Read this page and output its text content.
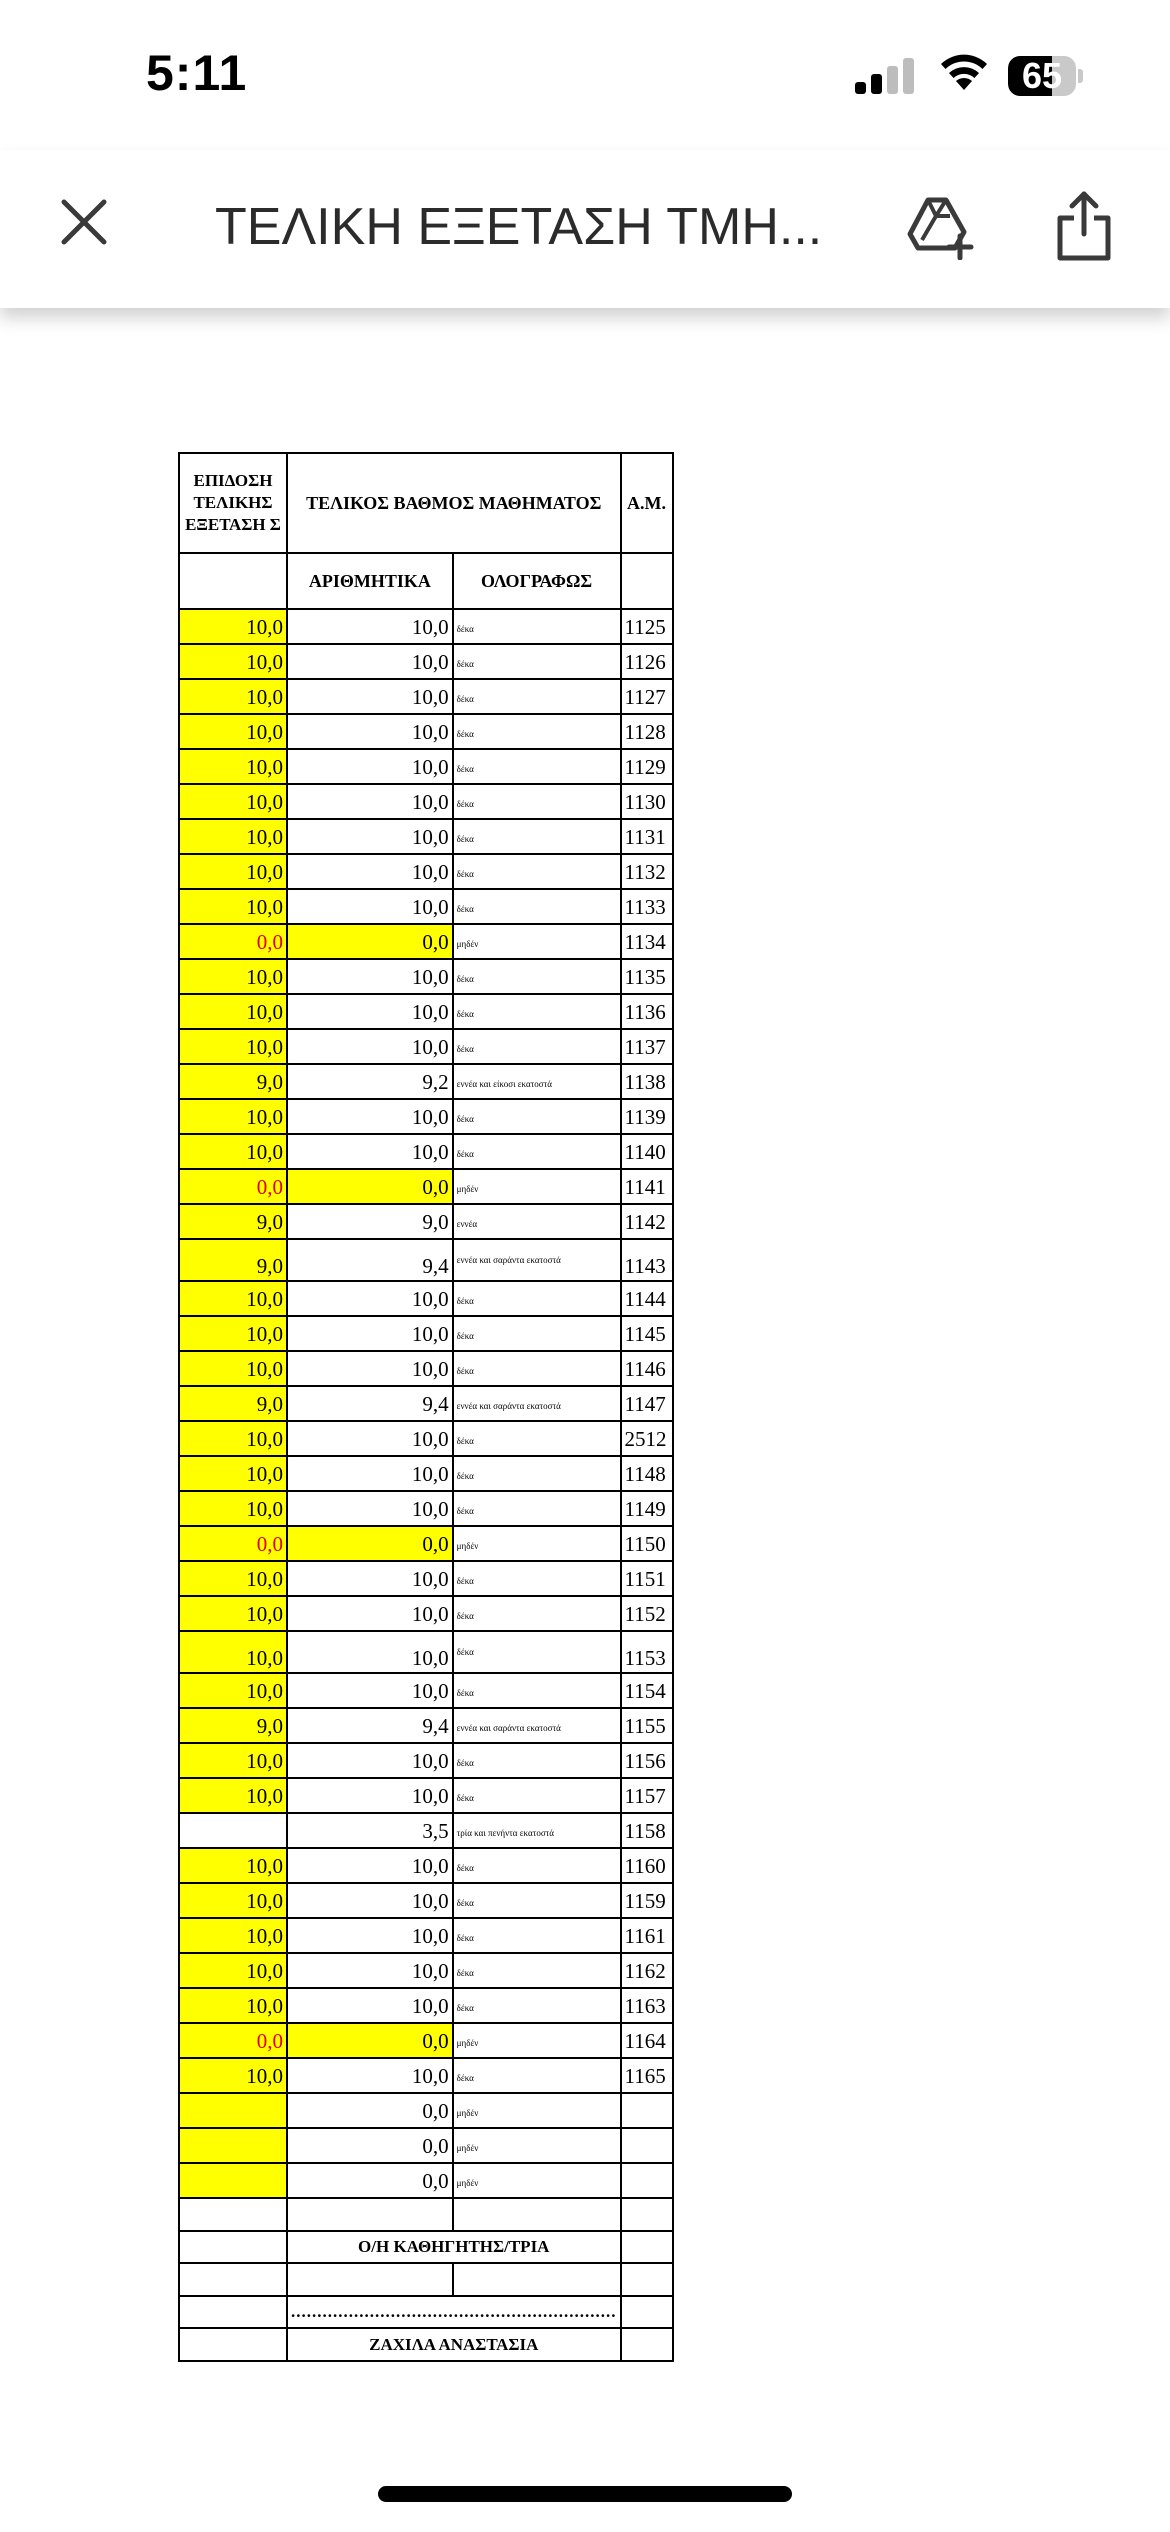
5:11	65
ΤΕΛΙΚΗ ΕΞΕΤΑΣΗ ΤΜΗ...
ΕΠΙΔΟΣΗ ΤΕΛΙΚΗΣ ΕΞΕΤΑΣΗ Σ	ΤΕΛΙΚΟΣ ΒΑΘΜΟΣ ΜΑΘΗΜΑΤΟΣ		Α.Μ.
	ΑΡΙΘΜΗΤΙΚΑ	ΟΛΟΓΡΑΦΩΣ	
10,0	10,0	δέκα	1125
10,0	10,0	δέκα	1126
10,0	10,0	δέκα	1127
10,0	10,0	δέκα	1128
10,0	10,0	δέκα	1129
10,0	10,0	δέκα	1130
10,0	10,0	δέκα	1131
10,0	10,0	δέκα	1132
10,0	10,0	δέκα	1133
0,0	0,0	μηδέν	1134
10,0	10,0	δέκα	1135
10,0	10,0	δέκα	1136
10,0	10,0	δέκα	1137
9,0	9,2	εννέα και είκοσι εκατοστά	1138
10,0	10,0	δέκα	1139
10,0	10,0	δέκα	1140
0,0	0,0	μηδέν	1141
9,0	9,0	εννέα	1142
9,0	9,4	εννέα και σαράντα εκατοστά	1143
10,0	10,0	δέκα	1144
10,0	10,0	δέκα	1145
10,0	10,0	δέκα	1146
9,0	9,4	εννέα και σαράντα εκατοστά	1147
10,0	10,0	δέκα	2512
10,0	10,0	δέκα	1148
10,0	10,0	δέκα	1149
0,0	0,0	μηδέν	1150
10,0	10,0	δέκα	1151
10,0	10,0	δέκα	1152
10,0	10,0	δέκα	1153
10,0	10,0	δέκα	1154
9,0	9,4	εννέα και σαράντα εκατοστά	1155
10,0	10,0	δέκα	1156
10,0	10,0	δέκα	1157
	3,5	τρία και πενήντα εκατοστά	1158
10,0	10,0	δέκα	1160
10,0	10,0	δέκα	1159
10,0	10,0	δέκα	1161
10,0	10,0	δέκα	1162
10,0	10,0	δέκα	1163
0,0	0,0	μηδέν	1164
10,0	10,0	δέκα	1165
	0,0	μηδέν	
	0,0	μηδέν	
	0,0	μηδέν	

	Ο/Η ΚΑΘΗΓΗΤΗΣ/ΤΡΙΑ		

	..............................................................		
	ΖΑΧΙΛΑ ΑΝΑΣΤΑΣΙΑ		
